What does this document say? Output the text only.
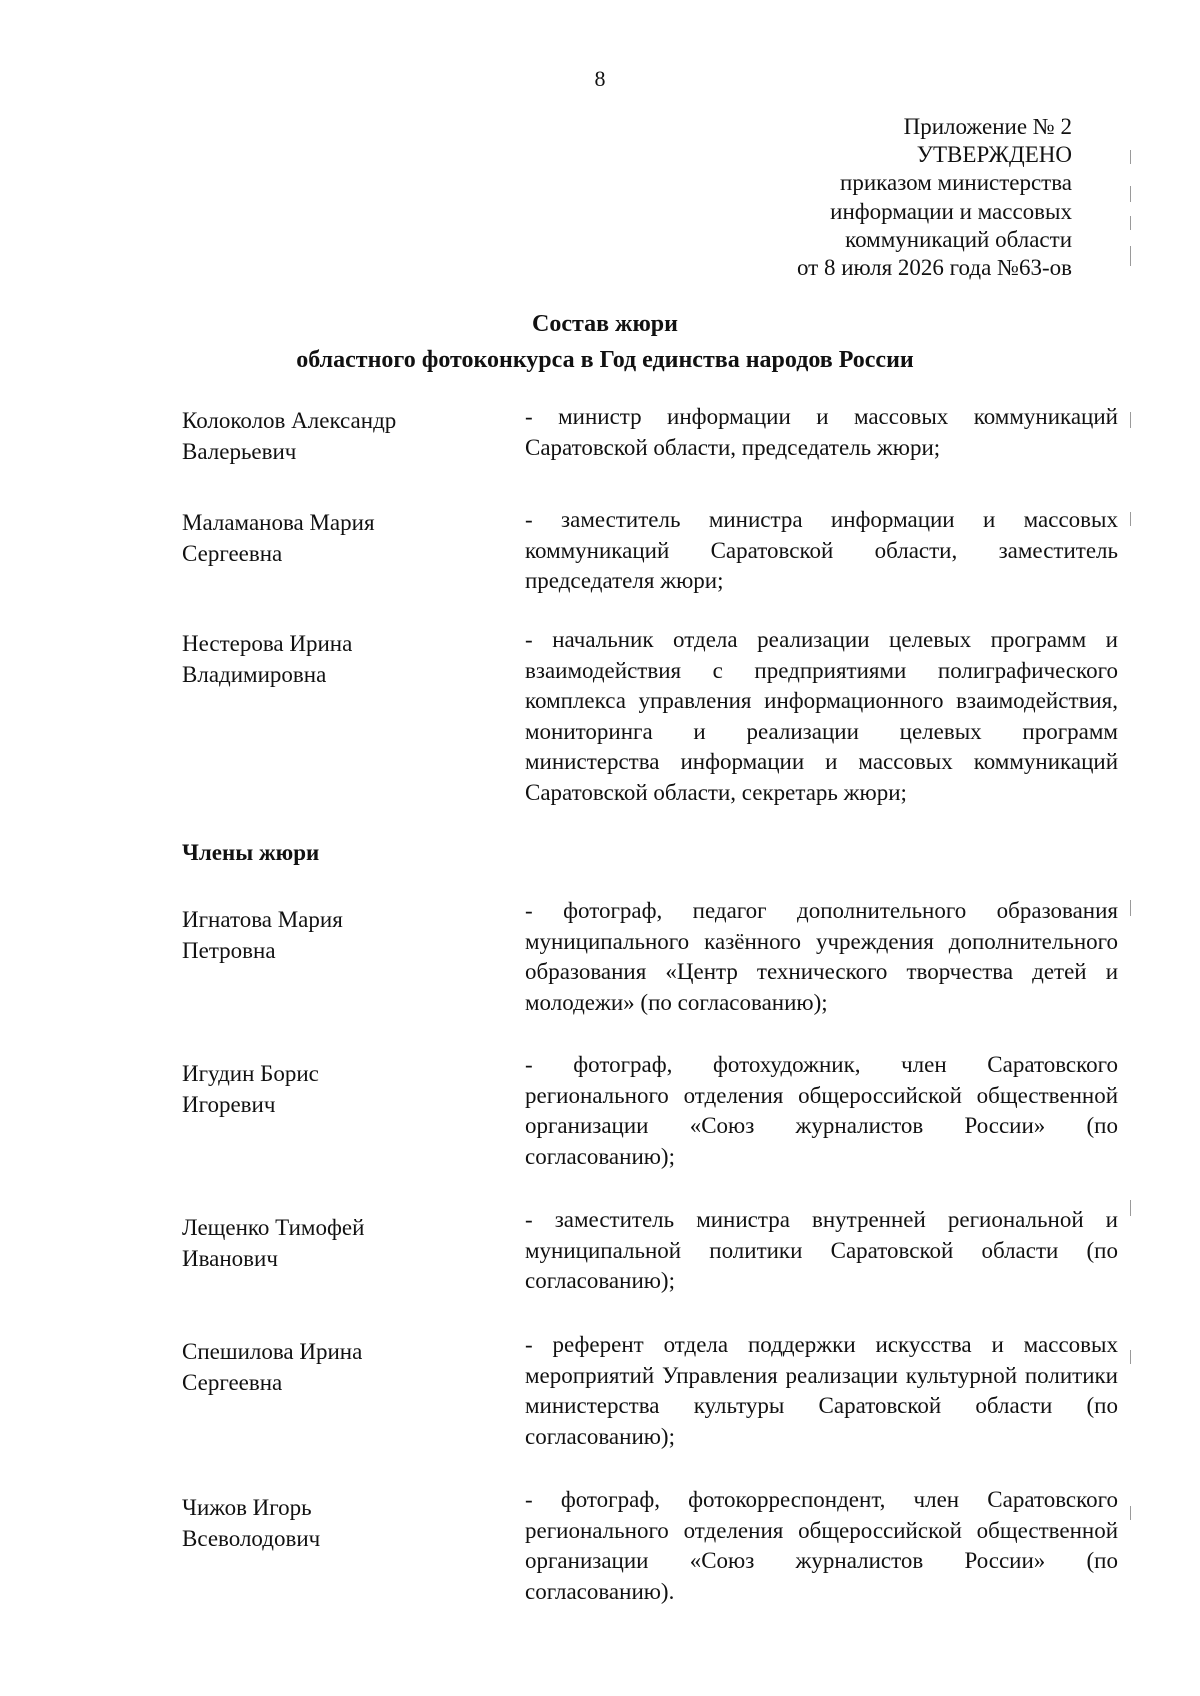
8
Приложение № 2
УТВЕРЖДЕНО
приказом министерства
информации и массовых
коммуникаций области
от 8 июля 2026 года №63-ов
Состав жюри
областного фотоконкурса в Год единства народов России
Колоколов Александр
Валерьевич
- министр информации и массовых коммуникаций Саратовской области, председатель жюри;
Маламанова Мария
Сергеевна
- заместитель министра информации и массовых коммуникаций Саратовской области, заместитель председателя жюри;
Нестерова Ирина
Владимировна
- начальник отдела реализации целевых программ и взаимодействия с предприятиями полиграфического комплекса управления информационного взаимодействия, мониторинга и реализации целевых программ министерства информации и массовых коммуникаций Саратовской области, секретарь жюри;
Члены жюри
Игнатова Мария
Петровна
- фотограф, педагог дополнительного образования муниципального казённого учреждения дополнительного образования «Центр технического творчества детей и молодежи» (по согласованию);
Игудин Борис
Игоревич
- фотограф, фотохудожник, член Саратовского регионального отделения общероссийской общественной организации «Союз журналистов России» (по согласованию);
Лещенко Тимофей
Иванович
- заместитель министра внутренней региональной и муниципальной политики Саратовской области (по согласованию);
Спешилова Ирина
Сергеевна
- референт отдела поддержки искусства и массовых мероприятий Управления реализации культурной политики министерства культуры Саратовской области (по согласованию);
Чижов Игорь
Всеволодович
- фотограф, фотокорреспондент, член Саратовского регионального отделения общероссийской общественной организации «Союз журналистов России» (по согласованию).
